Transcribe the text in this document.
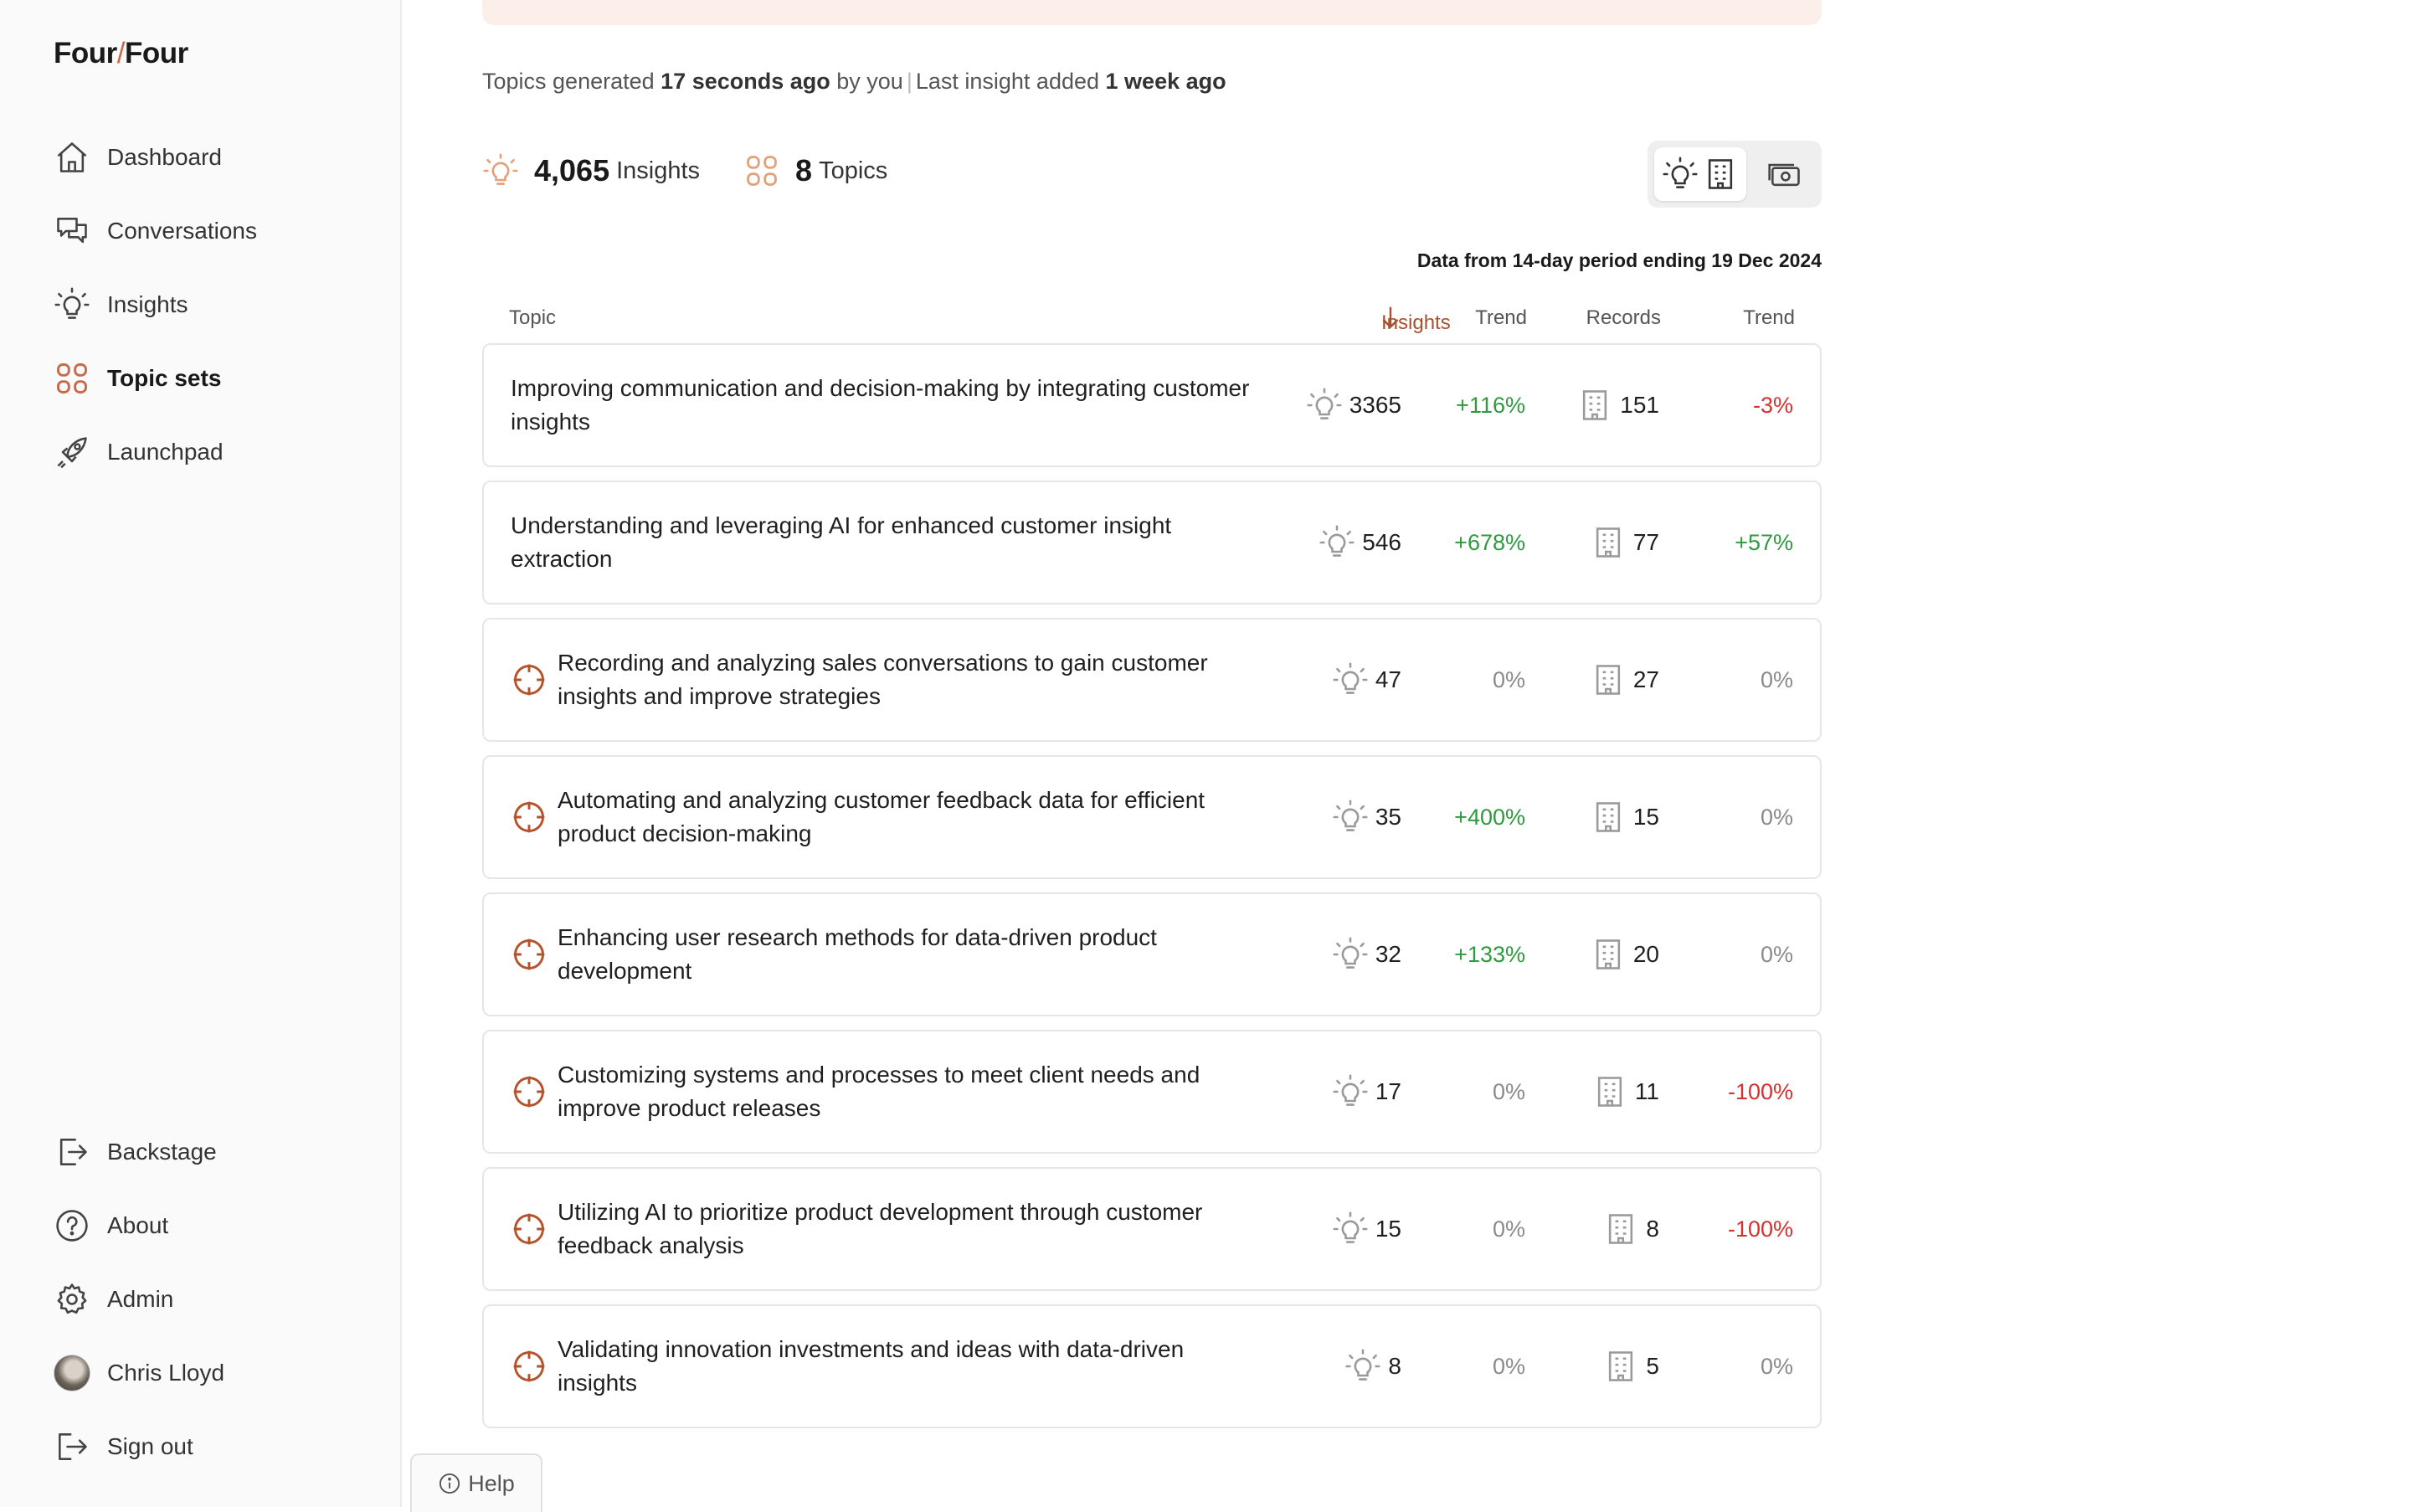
Four/Four
Dashboard
Conversations
Insights
Topic sets
Launchpad
Backstage
About
Admin
Chris Lloyd
Sign out
Topics generated 17 seconds ago by you | Last insight added 1 week ago
4,065 Insights	8 Topics
Data from 14-day period ending 19 Dec 2024
Topic	Insights Trend	Records	Trend
Improving communication and decision-making by integrating customer insights
3365 +116%	151	-3%
Understanding and leveraging AI for enhanced customer insight extraction
546 +678%	77	+57%
Recording and analyzing sales conversations to gain customer insights and improve strategies
47	0%	27	0%
Automating and analyzing customer feedback data for efficient product decision-making
35 +400%	15	0%
Enhancing user research methods for data-driven product development
32 +133%	20	0%
Customizing systems and processes to meet client needs and improve product releases
17	0%	11	-100%
Utilizing AI to prioritize product development through customer feedback analysis
15	0%	8	-100%
Validating innovation investments and ideas with data-driven insights
8	0%	5	0%
Help
